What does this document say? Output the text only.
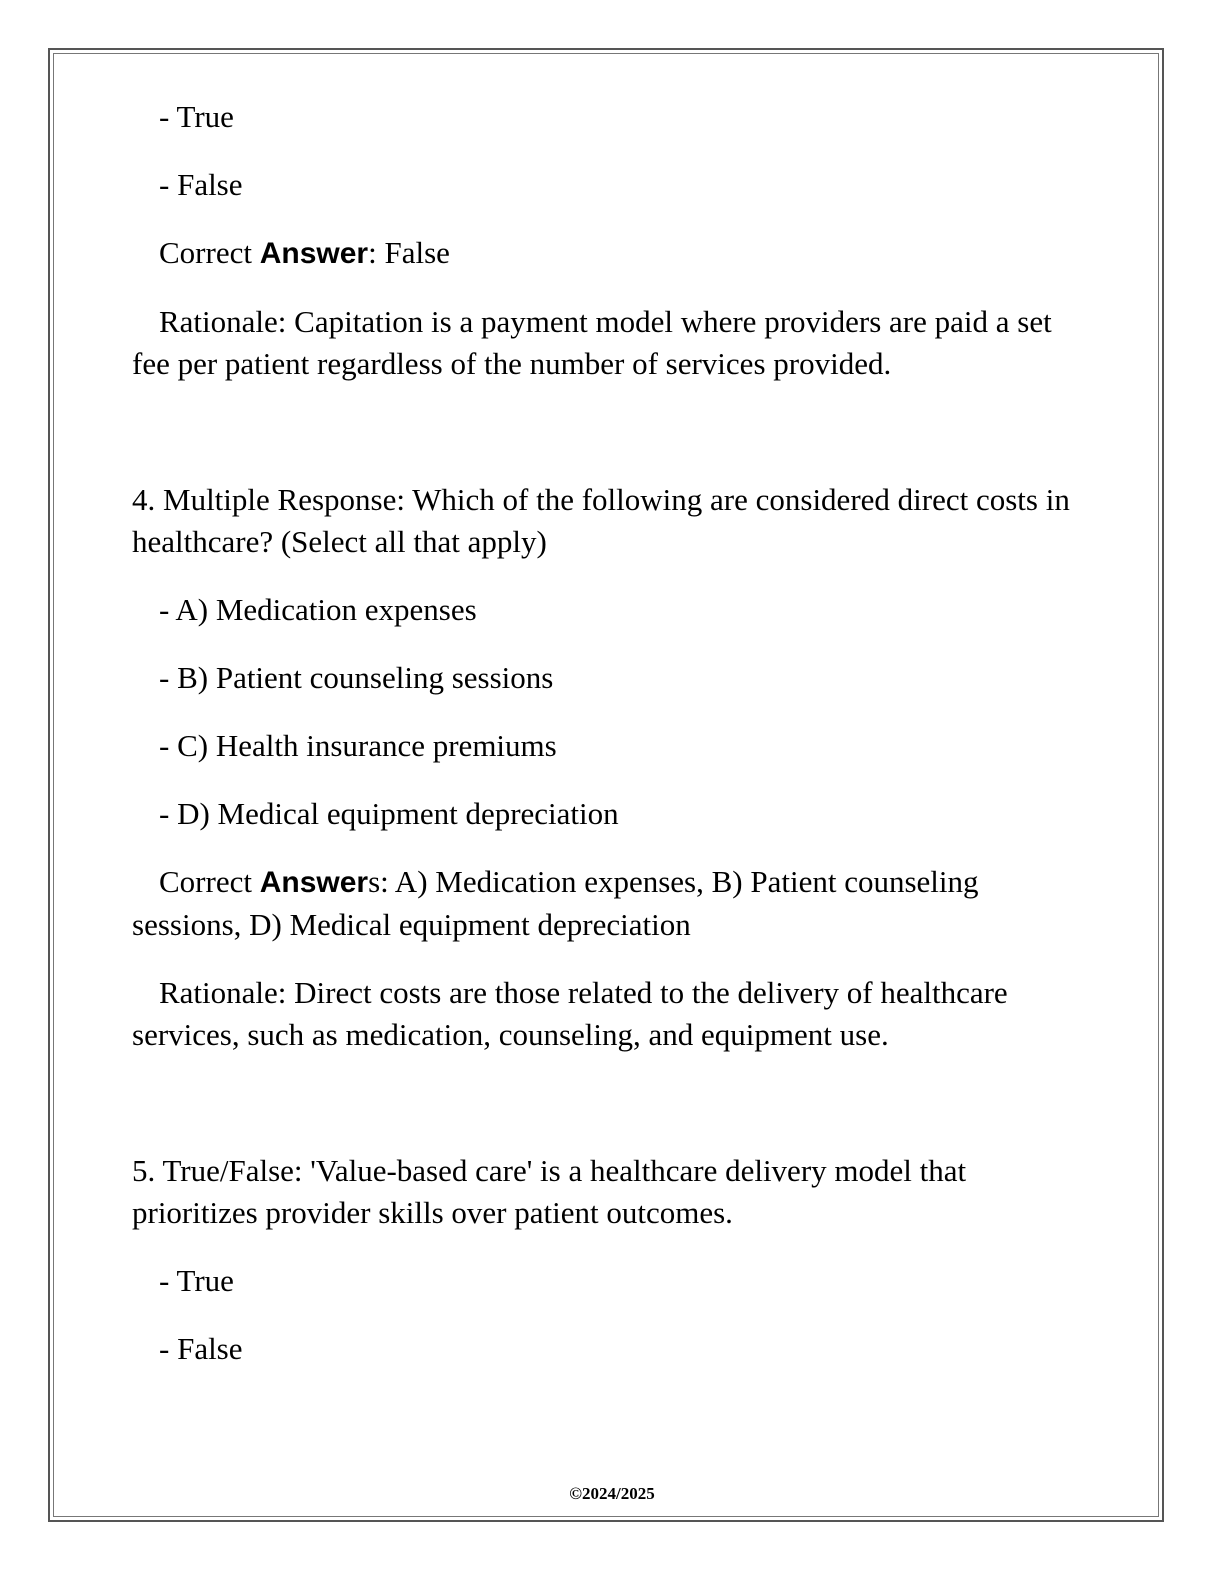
- True

- False

Correct Answer: False

Rationale: Capitation is a payment model where providers are paid a set fee per patient regardless of the number of services provided.

4. Multiple Response: Which of the following are considered direct costs in healthcare? (Select all that apply)

- A) Medication expenses

- B) Patient counseling sessions

- C) Health insurance premiums

- D) Medical equipment depreciation

Correct Answers: A) Medication expenses, B) Patient counseling sessions, D) Medical equipment depreciation

Rationale: Direct costs are those related to the delivery of healthcare services, such as medication, counseling, and equipment use.

5. True/False: 'Value-based care' is a healthcare delivery model that prioritizes provider skills over patient outcomes.

- True

- False

©2024/2025
